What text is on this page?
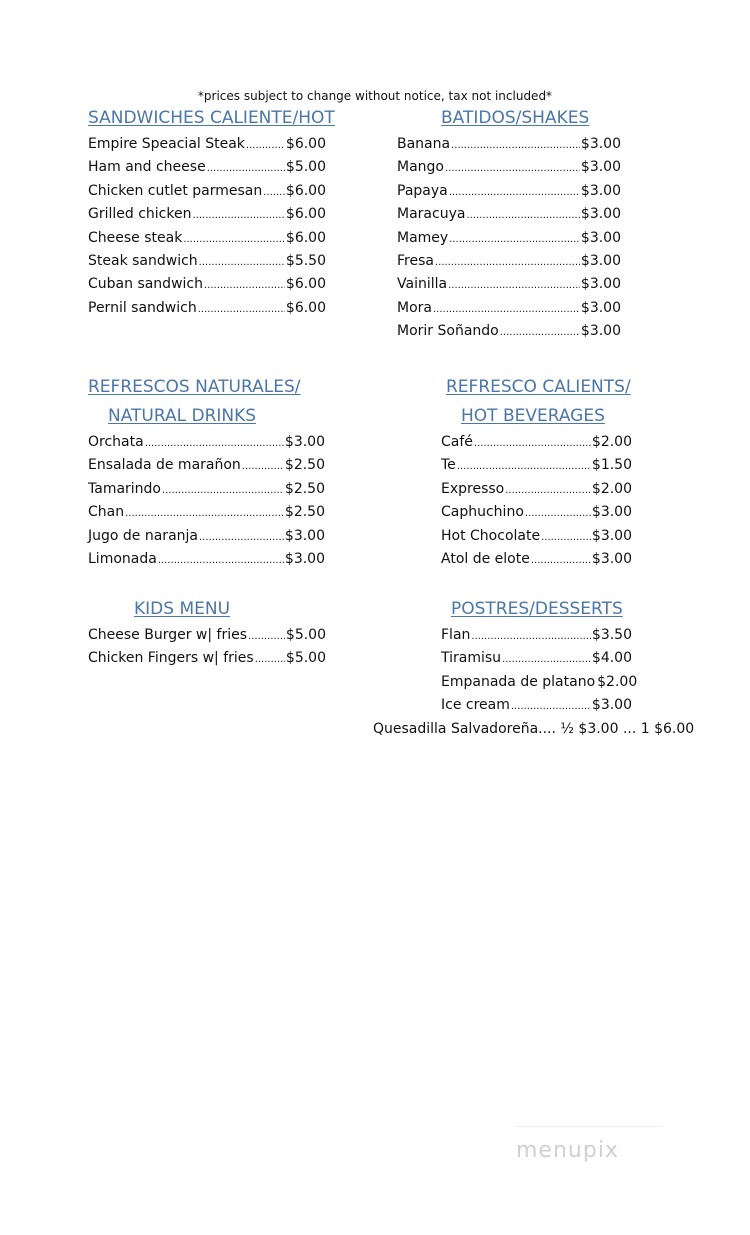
*prices subject to change without notice, tax not included*
SANDWICHES CALIENTE/HOT
Empire Speacial Steak .....	$6.00
Ham and cheese .....	$5.00
Chicken cutlet parmesan ..... $6.00
Grilled chicken .....	$6.00
Cheese steak .....	$6.00
Steak sandwich .....	$5.50
Cuban sandwich .....	$6.00
Pernil sandwich .....	$6.00
BATIDOS/SHAKES
Banana .....	$3.00
Mango .....	$3.00
Papaya .....	$3.00
Maracuya .....	$3.00
Mamey .....	$3.00
Fresa .....	$3.00
Vainilla .....	$3.00
Mora .....	$3.00
Morir Soñando .....	$3.00
REFRESCOS NATURALES/
NATURAL DRINKS
Orchata .....	$3.00
Ensalada de marañon .....	$2.50
Tamarindo .....	$2.50
Chan .....	$2.50
Jugo de naranja .....	$3.00
Limonada .....	$3.00
REFRESCO CALIENTS/
HOT BEVERAGES
Café .....	$2.00
Te .....	$1.50
Expresso .....	$2.00
Caphuchino .....	$3.00
Hot Chocolate .....	$3.00
Atol de elote .....	$3.00
KIDS MENU
Cheese Burger w| fries .....	$5.00
Chicken Fingers w| fries ..... $5.00
POSTRES/DESSERTS
Flan .....	$3.50
Tiramisu .....	$4.00
Empanada de platano $2.00
Ice cream .....	$3.00
Quesadilla Salvadoreña.... ½ $3.00 ... 1 $6.00
menupix
